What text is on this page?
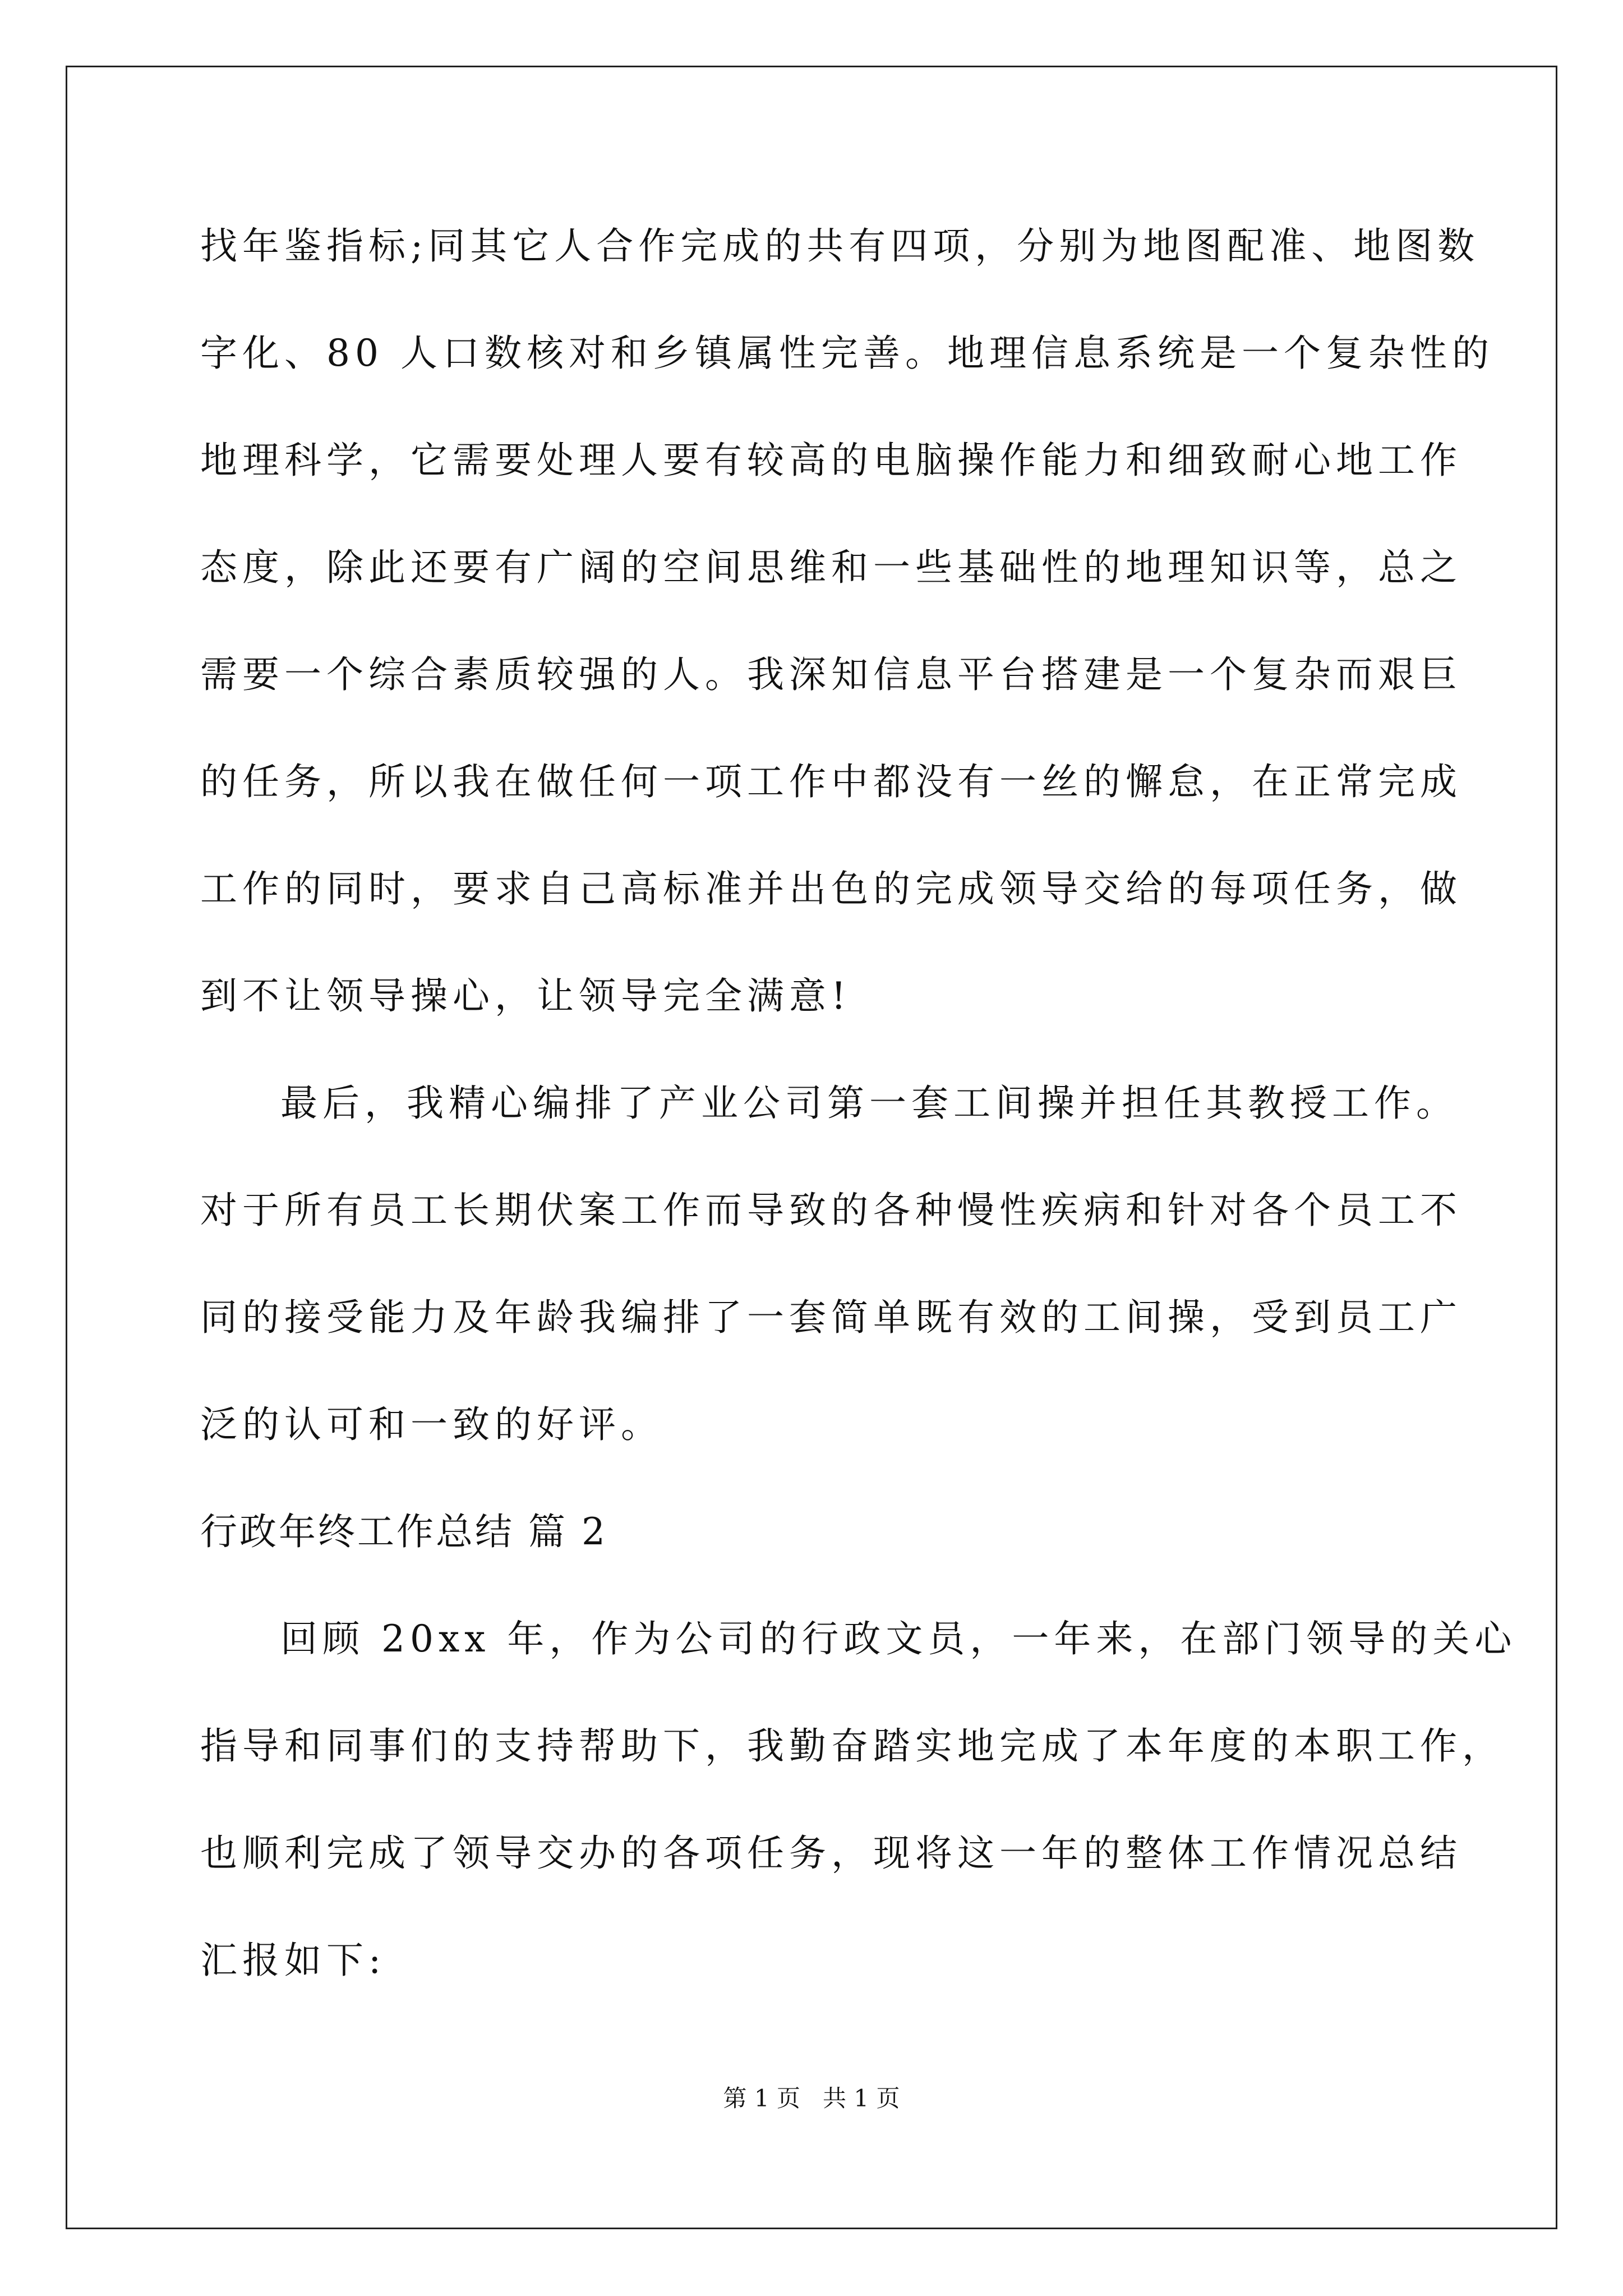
找年鉴指标;同其它人合作完成的共有四项，分别为地图配准、地图数
字化、80 人口数核对和乡镇属性完善。地理信息系统是一个复杂性的
地理科学，它需要处理人要有较高的电脑操作能力和细致耐心地工作
态度，除此还要有广阔的空间思维和一些基础性的地理知识等，总之
需要一个综合素质较强的人。我深知信息平台搭建是一个复杂而艰巨
的任务，所以我在做任何一项工作中都没有一丝的懈怠，在正常完成
工作的同时，要求自己高标准并出色的完成领导交给的每项任务，做
到不让领导操心，让领导完全满意!
最后，我精心编排了产业公司第一套工间操并担任其教授工作。
对于所有员工长期伏案工作而导致的各种慢性疾病和针对各个员工不
同的接受能力及年龄我编排了一套简单既有效的工间操，受到员工广
泛的认可和一致的好评。
行政年终工作总结 篇 2
回顾 20xx 年，作为公司的行政文员，一年来，在部门领导的关心
指导和同事们的支持帮助下，我勤奋踏实地完成了本年度的本职工作，
也顺利完成了领导交办的各项任务，现将这一年的整体工作情况总结
汇报如下:
第 1 页   共 1 页
